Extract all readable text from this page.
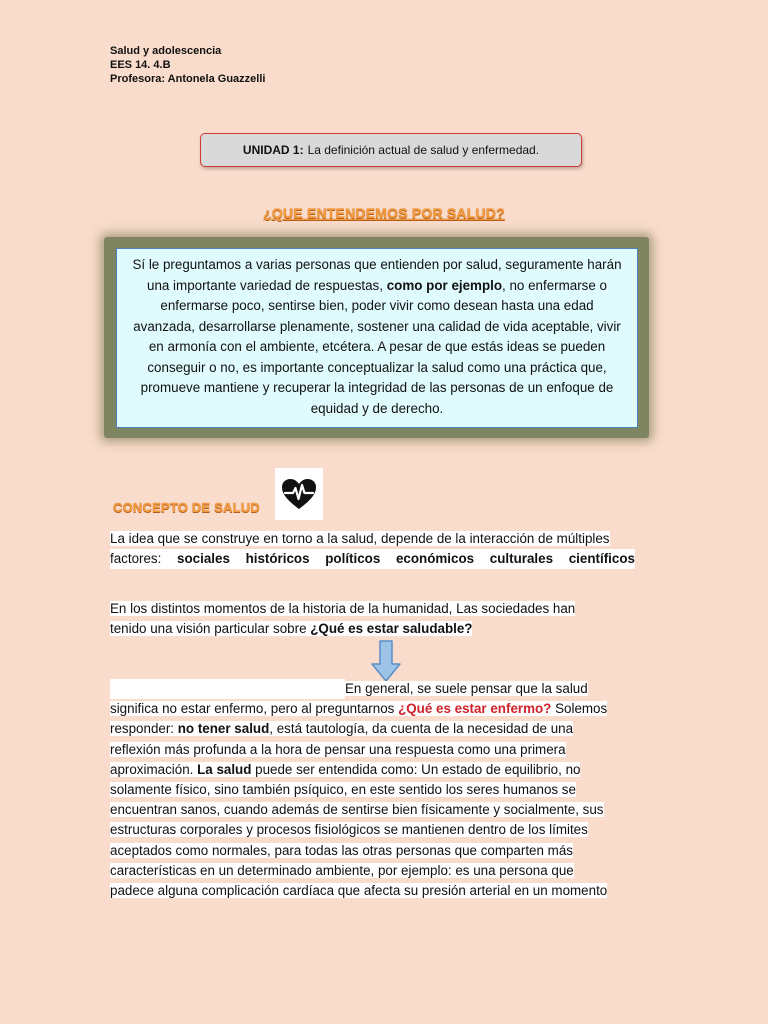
Salud y adolescencia
EES 14. 4.B
Profesora: Antonela Guazzelli
UNIDAD 1: La definición actual de salud y enfermedad.
¿QUE ENTENDEMOS POR SALUD?
Sí le preguntamos a varias personas que entienden por salud, seguramente harán una importante variedad de respuestas, como por ejemplo, no enfermarse o enfermarse poco, sentirse bien, poder vivir como desean hasta una edad avanzada, desarrollarse plenamente, sostener una calidad de vida aceptable, vivir en armonía con el ambiente, etcétera. A pesar de que estás ideas se pueden conseguir o no, es importante conceptualizar la salud como una práctica que, promueve mantiene y recuperar la integridad de las personas de un enfoque de equidad y de derecho.
CONCEPTO DE SALUD
La idea que se construye en torno a la salud, depende de la interacción de múltiples
factores: sociales históricos políticos económicos culturales científicos
En los distintos momentos de la historia de la humanidad, Las sociedades han
tenido una visión particular sobre ¿Qué es estar saludable?
En general, se suele pensar que la salud
significa no estar enfermo, pero al preguntarnos ¿Qué es estar enfermo? Solemos
responder: no tener salud, está tautología, da cuenta de la necesidad de una
reflexión más profunda a la hora de pensar una respuesta como una primera
aproximación. La salud puede ser entendida como: Un estado de equilibrio, no
solamente físico, sino también psíquico, en este sentido los seres humanos se
encuentran sanos, cuando además de sentirse bien físicamente y socialmente, sus
estructuras corporales y procesos fisiológicos se mantienen dentro de los límites
aceptados como normales, para todas las otras personas que comparten más
características en un determinado ambiente, por ejemplo: es una persona que
padece alguna complicación cardíaca que afecta su presión arterial en un momento
